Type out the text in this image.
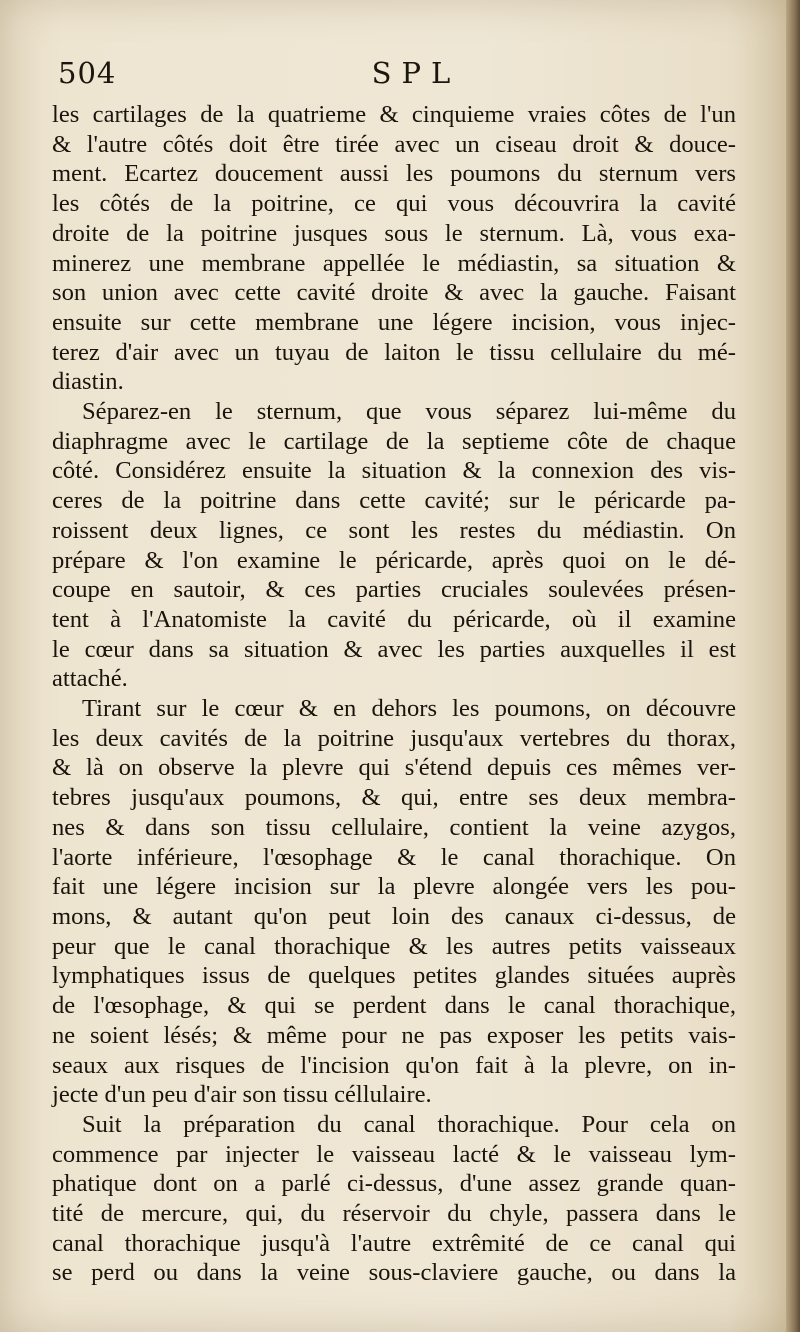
504	SPL
les cartilages de la quatrieme & cinquieme vraies côtes de l'un
& l'autre côtés doit être tirée avec un ciseau droit & douce-
ment. Ecartez doucement aussi les poumons du sternum vers
les côtés de la poitrine, ce qui vous découvrira la cavité
droite de la poitrine jusques sous le sternum. Là, vous exa-
minerez une membrane appellée le médiastin, sa situation &
son union avec cette cavité droite & avec la gauche. Faisant
ensuite sur cette membrane une légere incision, vous injec-
terez d'air avec un tuyau de laiton le tissu cellulaire du mé-
diastin.
Séparez-en le sternum, que vous séparez lui-même du
diaphragme avec le cartilage de la septieme côte de chaque
côté. Considérez ensuite la situation & la connexion des vis-
ceres de la poitrine dans cette cavité; sur le péricarde pa-
roissent deux lignes, ce sont les restes du médiastin. On
prépare & l'on examine le péricarde, après quoi on le dé-
coupe en sautoir, & ces parties cruciales soulevées présen-
tent à l'Anatomiste la cavité du péricarde, où il examine
le cœur dans sa situation & avec les parties auxquelles il est
attaché.
Tirant sur le cœur & en dehors les poumons, on découvre
les deux cavités de la poitrine jusqu'aux vertebres du thorax,
& là on observe la plevre qui s'étend depuis ces mêmes ver-
tebres jusqu'aux poumons, & qui, entre ses deux membra-
nes & dans son tissu cellulaire, contient la veine azygos,
l'aorte inférieure, l'œsophage & le canal thorachique. On
fait une légere incision sur la plevre alongée vers les pou-
mons, & autant qu'on peut loin des canaux ci-dessus, de
peur que le canal thorachique & les autres petits vaisseaux
lymphatiques issus de quelques petites glandes situées auprès
de l'œsophage, & qui se perdent dans le canal thorachique,
ne soient lésés; & même pour ne pas exposer les petits vais-
seaux aux risques de l'incision qu'on fait à la plevre, on in-
jecte d'un peu d'air son tissu céllulaire.
Suit la préparation du canal thorachique. Pour cela on
commence par injecter le vaisseau lacté & le vaisseau lym-
phatique dont on a parlé ci-dessus, d'une assez grande quan-
tité de mercure, qui, du réservoir du chyle, passera dans le
canal thorachique jusqu'à l'autre extrêmité de ce canal qui
se perd ou dans la veine sous-claviere gauche, ou dans la
